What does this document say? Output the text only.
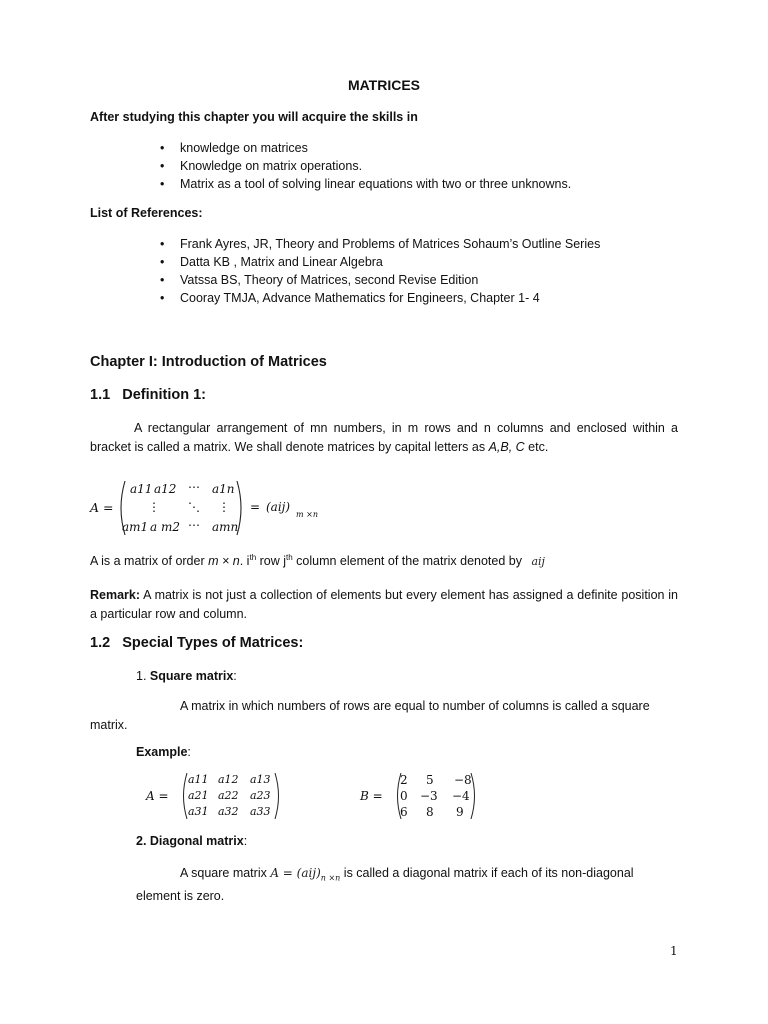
MATRICES
After studying this chapter you will acquire the skills in
• knowledge on matrices
• Knowledge on matrix operations.
• Matrix as a tool of solving linear equations with two or three unknowns.
List of References:
• Frank Ayres, JR, Theory and Problems of Matrices Sohaum’s Outline Series
• Datta KB , Matrix and Linear Algebra
• Vatssa BS, Theory of Matrices, second Revise Edition
• Cooray TMJA, Advance Mathematics for Engineers, Chapter 1- 4
Chapter I: Introduction of Matrices
1.1   Definition 1:
A rectangular arrangement of mn numbers, in m rows and n columns and enclosed within a bracket is called a matrix. We shall denote matrices by capital letters as A,B, C etc.
A =
a11 a12 ⋯ a1n
⋮ ⋱ ⋮
am1 a m2 ⋯ amn
= (aij)
m ×n
A is a matrix of order m × n. $i^{th}$ row $j^{th}$ column element of the matrix denoted by aij
Remark: A matrix is not just a collection of elements but every element has assigned a definite position in a particular row and column.
1.2   Special Types of Matrices:
1. Square matrix:
A matrix in which numbers of rows are equal to number of columns is called a square matrix.
Example:
A =
a11 a12 a13
a21 a22 a23
a31 a32 a33
B =
2 5 −8
0 −3 −4
6 8 9
2. Diagonal matrix:
A square matrix $A = (aij)_{n \times n}$ is called a diagonal matrix if each of its non-diagonal
element is zero.
1
